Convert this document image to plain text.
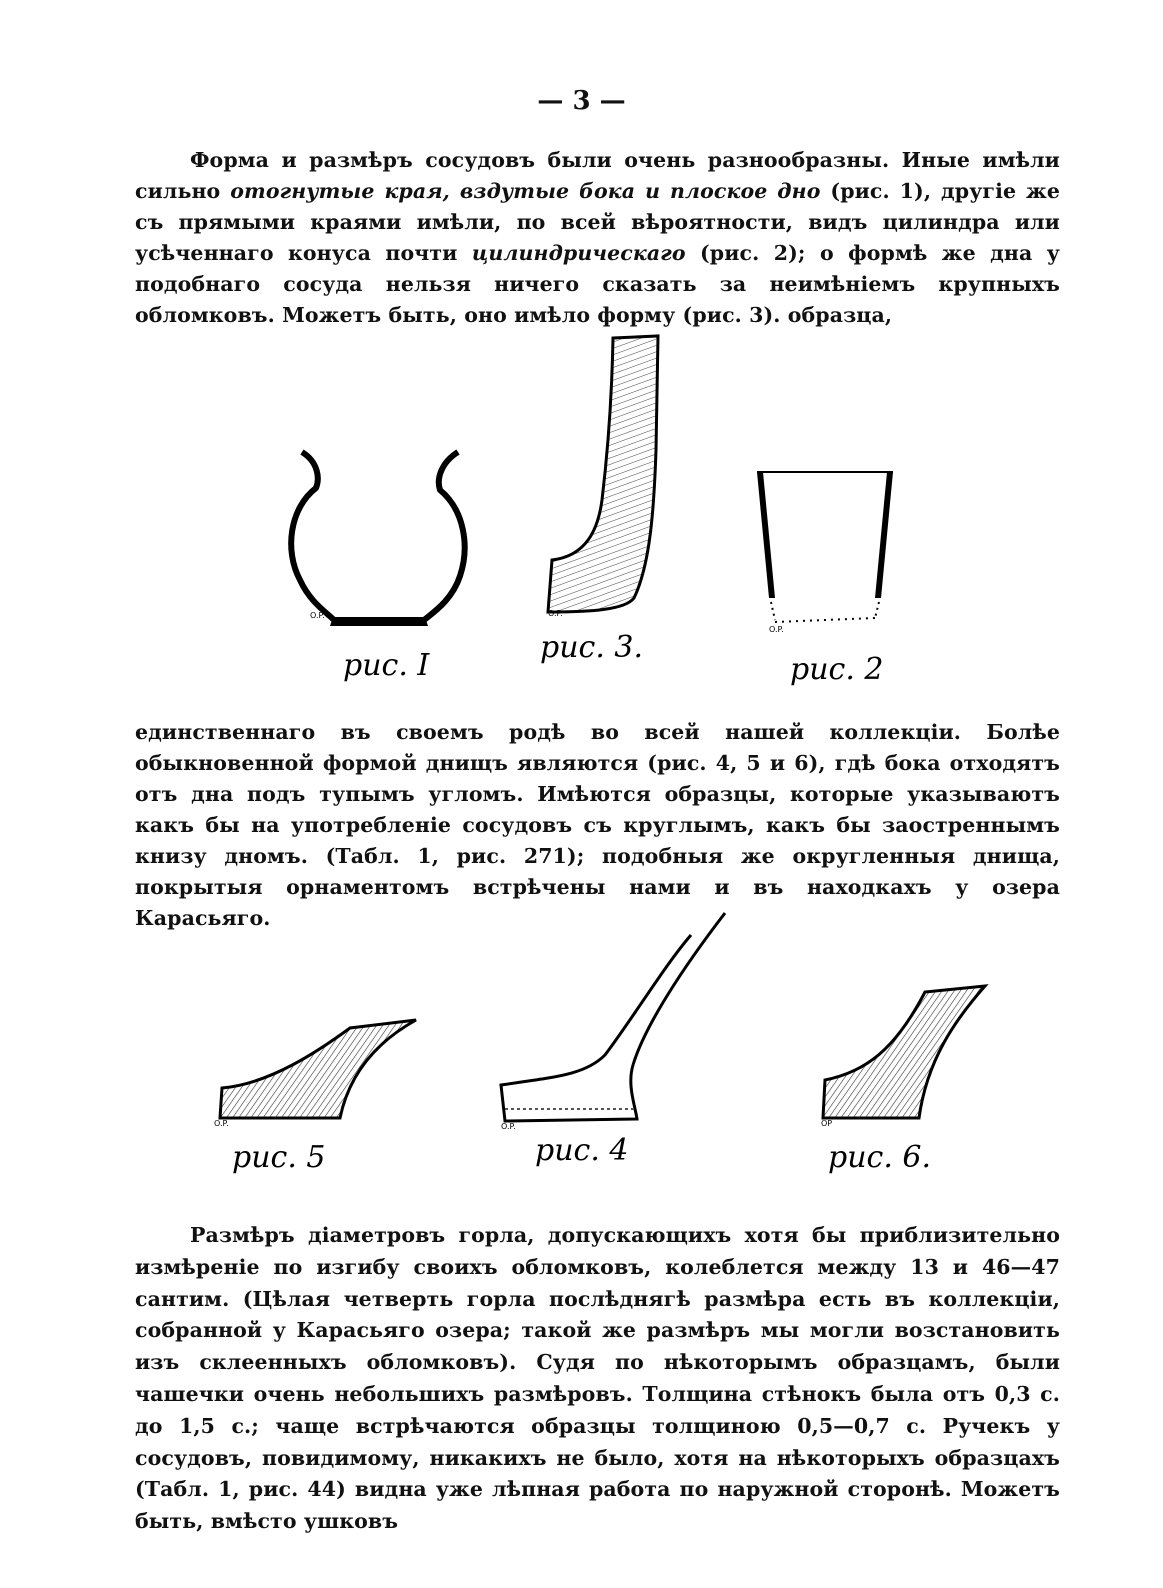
— 3 —
Форма и размѣръ сосудовъ были очень разнообразны. Иные имѣли сильно отогнутые края, вздутые бока и плоское дно (рис. 1), другіе же съ прямыми краями имѣли, по всей вѣроятности, видъ цилиндра или усѣченнаго конуса почти цилиндрическаго (рис. 2); о формѣ же дна у подобнаго сосуда нельзя ничего сказать за неимѣніемъ крупныхъ обломковъ. Можетъ быть, оно имѣло форму (рис. 3). образца,
O.P.
рис. I
O.P.
рис. 3.
O.P.
рис. 2
единственнаго въ своемъ родѣ во всей нашей коллекціи. Болѣе обыкновенной формой днищъ являются (рис. 4, 5 и 6), гдѣ бока отходятъ отъ дна подъ тупымъ угломъ. Имѣются образцы, которые указываютъ какъ бы на употребленіе сосудовъ съ круглымъ, какъ бы заостреннымъ книзу дномъ. (Табл. 1, рис. 271); подобныя же округленныя днища, покрытыя орнаментомъ встрѣчены нами и въ находкахъ у озера Карасьяго.
O.P.
рис. 5
O.P.
рис. 4
OP
рис. 6.
Размѣръ діаметровъ горла, допускающихъ хотя бы приблизительно измѣреніе по изгибу своихъ обломковъ, колеблется между 13 и 46—47 сантим. (Цѣлая четверть горла послѣднягѣ размѣра есть въ коллекціи, собранной у Карасьяго озера; такой же размѣръ мы могли возстановить изъ склеенныхъ обломковъ). Судя по нѣкоторымъ образцамъ, были чашечки очень небольшихъ размѣровъ. Толщина стѣнокъ была отъ 0,3 с. до 1,5 с.; чаще встрѣчаются образцы толщиною 0,5—0,7 с. Ручекъ у сосудовъ, повидимому, никакихъ не было, хотя на нѣкоторыхъ образцахъ (Табл. 1, рис. 44) видна уже лѣпная работа по наружной сторонѣ. Можетъ быть, вмѣсто ушковъ
